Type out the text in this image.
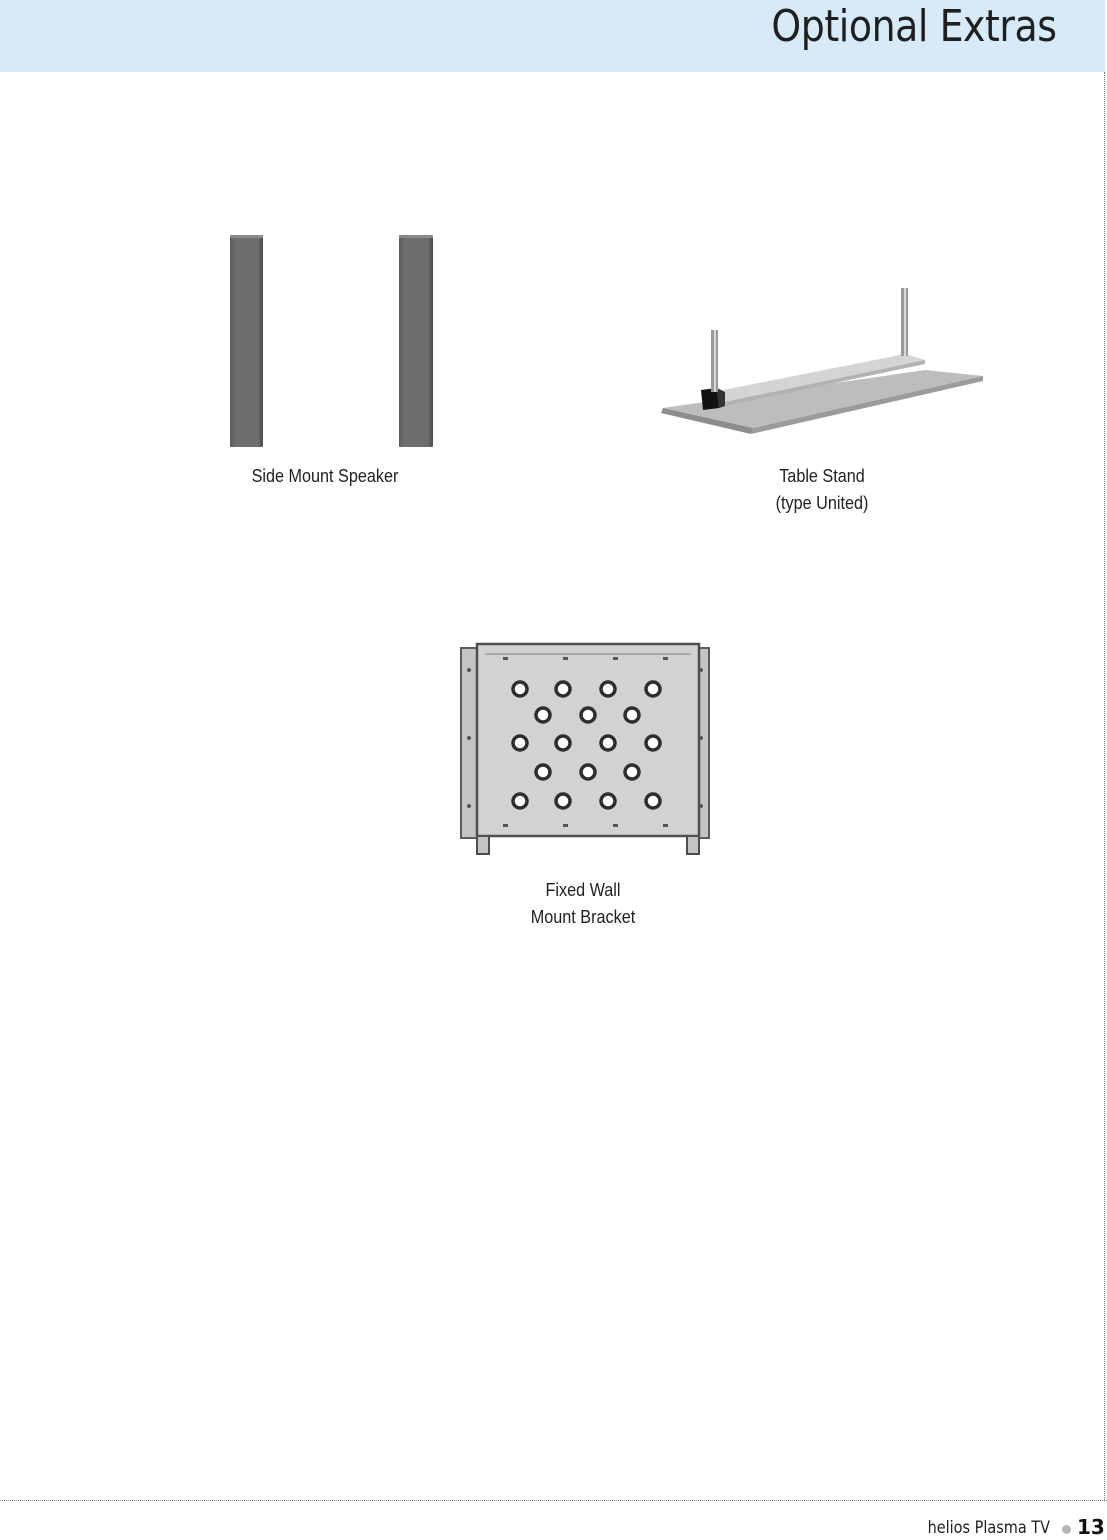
Optional Extras
Side Mount Speaker	Table Stand
(type United)
Fixed Wall
Mount Bracket
helios Plasma TV 13
